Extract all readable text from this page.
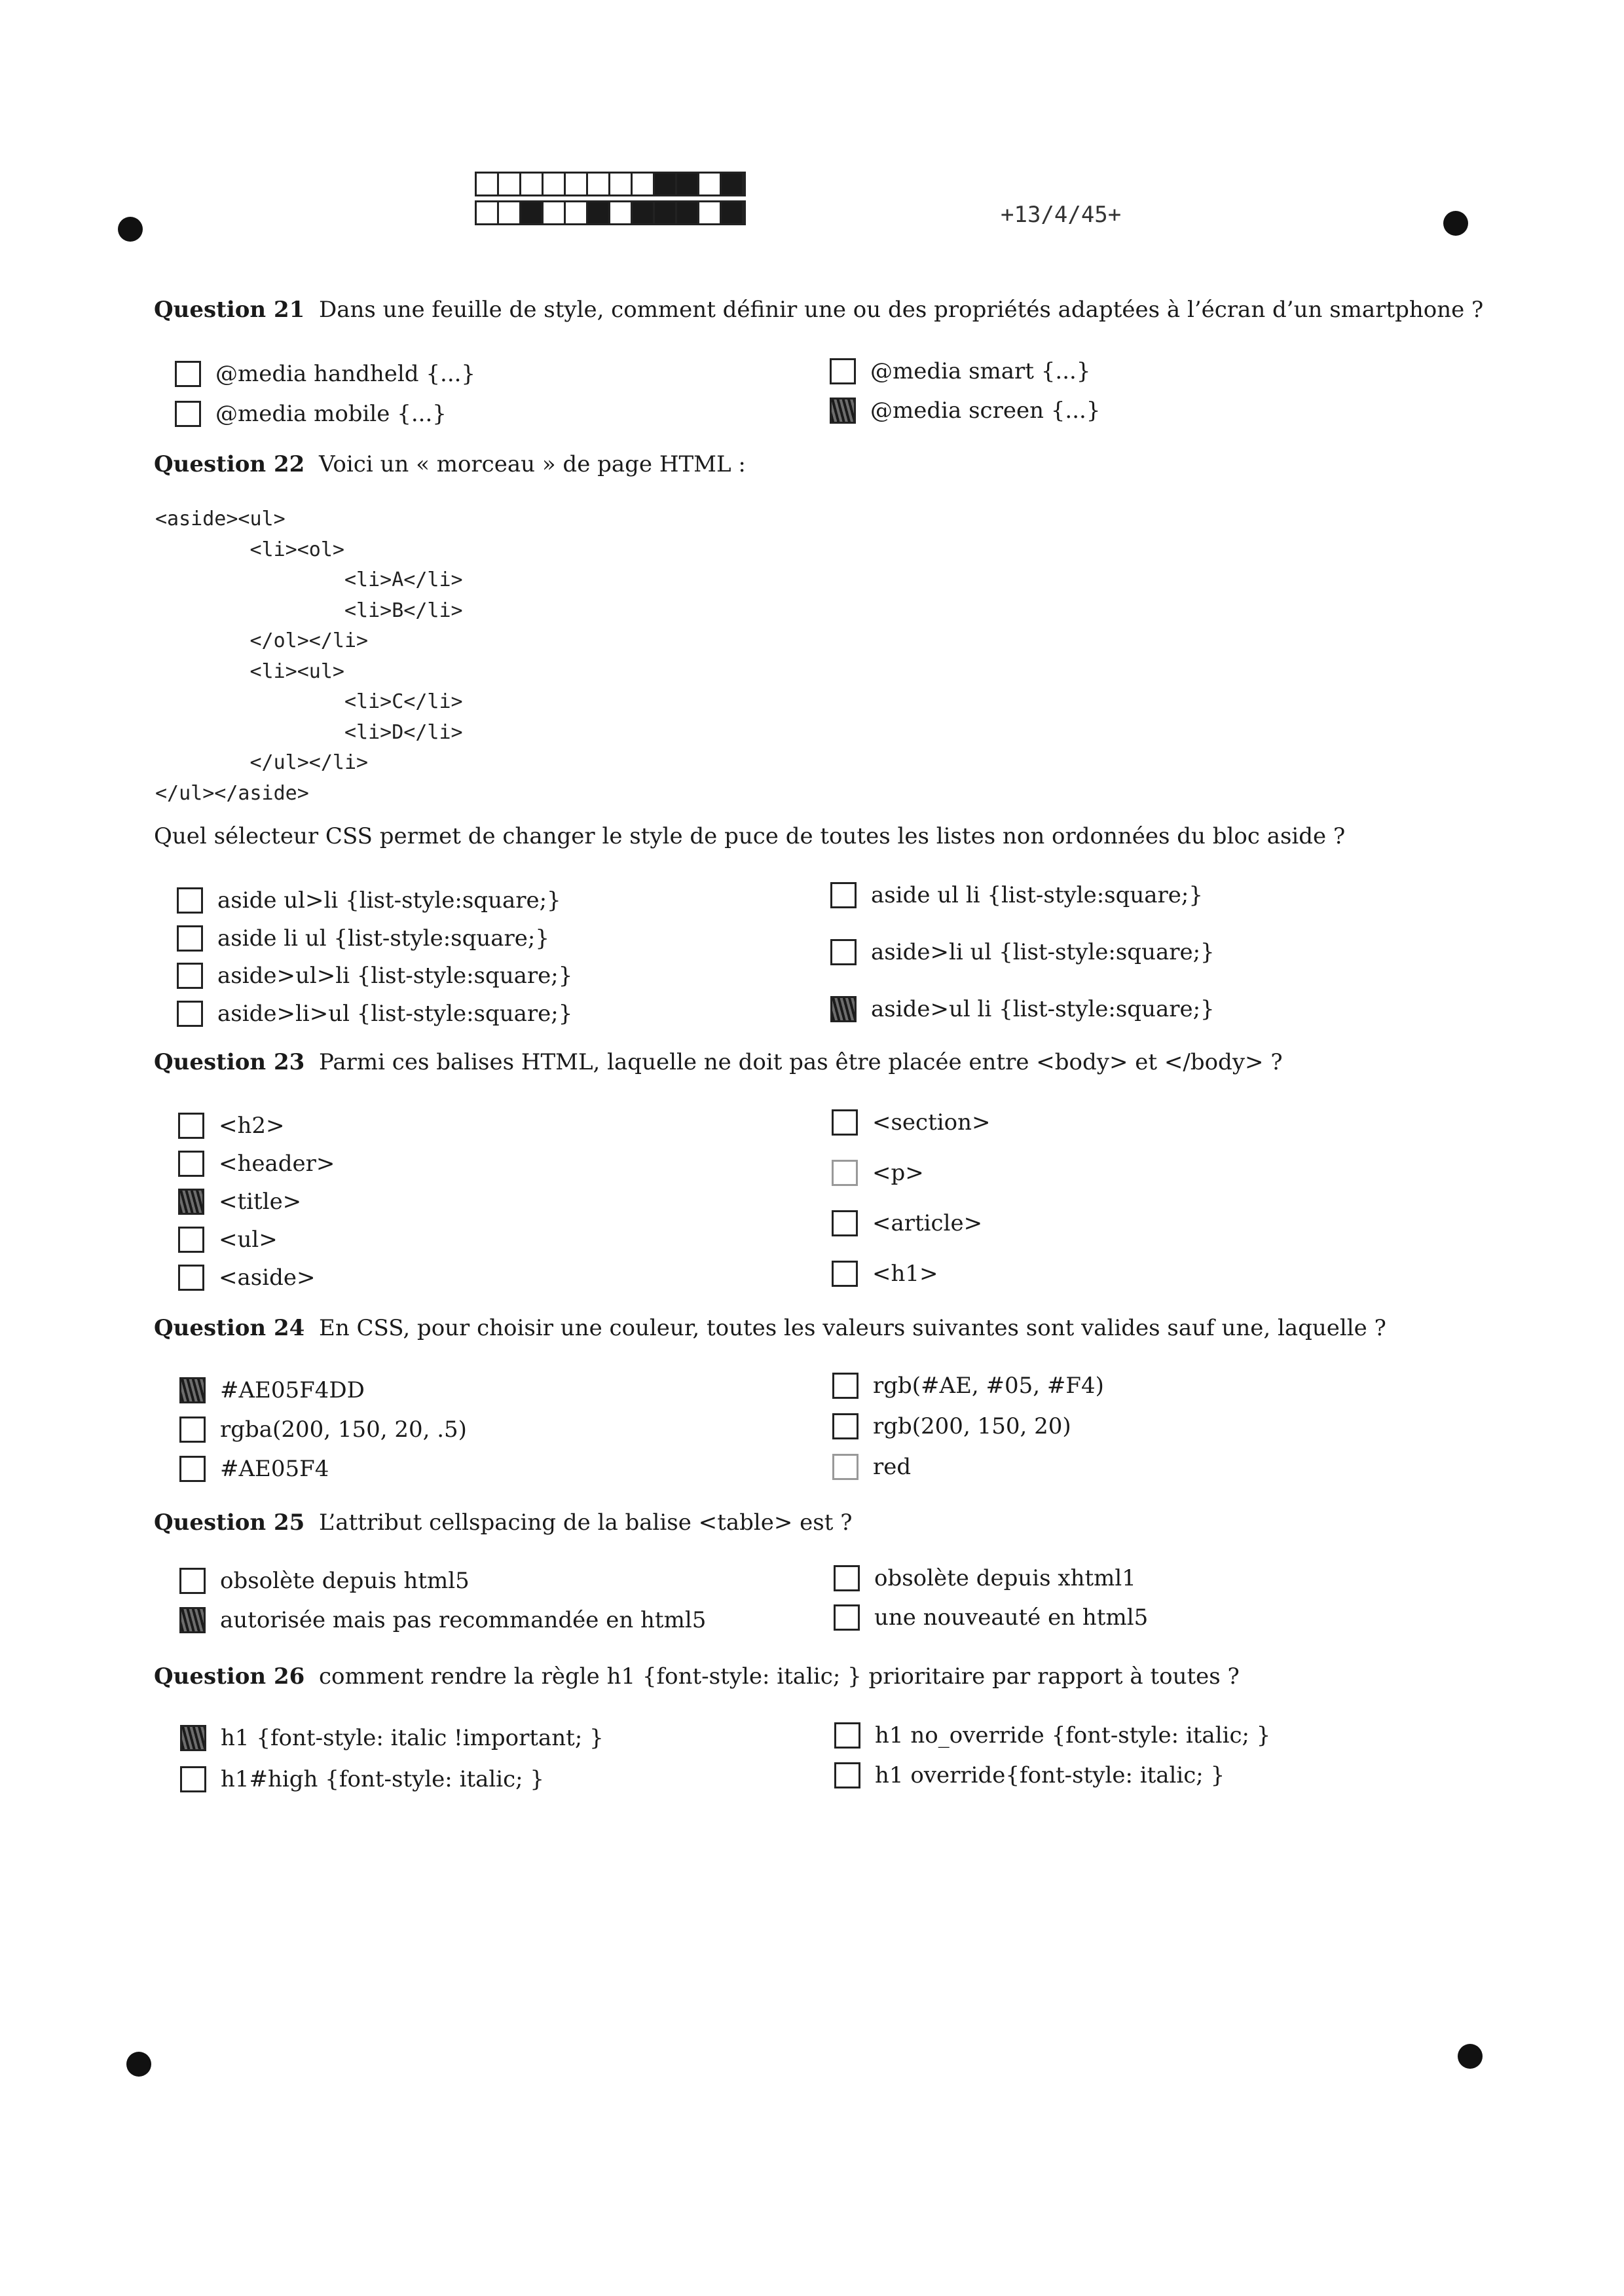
+13/4/45+
Question 21 Dans une feuille de style, comment définir une ou des propriétés adaptées à l’écran d’un smartphone ?
@media handheld {...}
@media mobile {...}
@media smart {...}
@media screen {...}
Question 22 Voici un « morceau » de page HTML :
<aside><ul>
<li><ol>
<li>A</li>
<li>B</li>
</ol></li>
<li><ul>
<li>C</li>
<li>D</li>
</ul></li>
</ul></aside>
Quel sélecteur CSS permet de changer le style de puce de toutes les listes non ordonnées du bloc aside ?
aside ul>li {list-style:square;}
aside li ul {list-style:square;}
aside>ul>li {list-style:square;}
aside>li>ul {list-style:square;}
aside ul li {list-style:square;}
aside>li ul {list-style:square;}
aside>ul li {list-style:square;}
Question 23 Parmi ces balises HTML, laquelle ne doit pas être placée entre <body> et </body> ?
<h2>
<header>
<title>
<ul>
<aside>
<section>
<p>
<article>
<h1>
Question 24 En CSS, pour choisir une couleur, toutes les valeurs suivantes sont valides sauf une, laquelle ?
#AE05F4DD
rgba(200, 150, 20, .5)
#AE05F4
rgb(#AE, #05, #F4)
rgb(200, 150, 20)
red
Question 25 L’attribut cellspacing de la balise <table> est ?
obsolète depuis html5
autorisée mais pas recommandée en html5
obsolète depuis xhtml1
une nouveauté en html5
Question 26 comment rendre la règle h1 {font-style: italic; } prioritaire par rapport à toutes ?
h1 {font-style: italic !important; }
h1#high {font-style: italic; }
h1 no_override {font-style: italic; }
h1 override{font-style: italic; }
